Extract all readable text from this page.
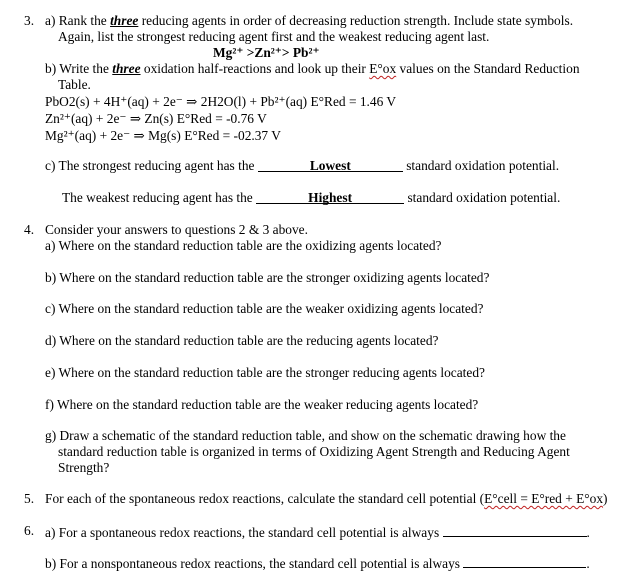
3. a) Rank the three reducing agents in order of decreasing reduction strength. Include state symbols.
Again, list the strongest reducing agent first and the weakest reducing agent last.
Mg²⁺ >Zn²⁺> Pb²⁺
b) Write the three oxidation half-reactions and look up their E°ox values on the Standard Reduction
Table.
PbO2(s) + 4H⁺(aq) + 2e⁻ ⇒ 2H2O(l) + Pb²⁺(aq) E°Red = 1.46 V
Zn²⁺(aq) + 2e⁻ ⇒ Zn(s) E°Red = -0.76 V
Mg²⁺(aq) + 2e⁻ ⇒ Mg(s) E°Red = -02.37 V
c) The strongest reducing agent has the	Lowest	standard oxidation potential.
The weakest reducing agent has the	Highest	standard oxidation potential.
4. Consider your answers to questions 2 & 3 above.
a) Where on the standard reduction table are the oxidizing agents located?
b) Where on the standard reduction table are the stronger oxidizing agents located?
c) Where on the standard reduction table are the weaker oxidizing agents located?
d) Where on the standard reduction table are the reducing agents located?
e) Where on the standard reduction table are the stronger reducing agents located?
f) Where on the standard reduction table are the weaker reducing agents located?
g) Draw a schematic of the standard reduction table, and show on the schematic drawing how the
standard reduction table is organized in terms of Oxidizing Agent Strength and Reducing Agent
Strength?
5. For each of the spontaneous redox reactions, calculate the standard cell potential (E°cell = E°red + E°ox)
6. a) For a spontaneous redox reactions, the standard cell potential is always	.
b) For a nonspontaneous redox reactions, the standard cell potential is always	.
